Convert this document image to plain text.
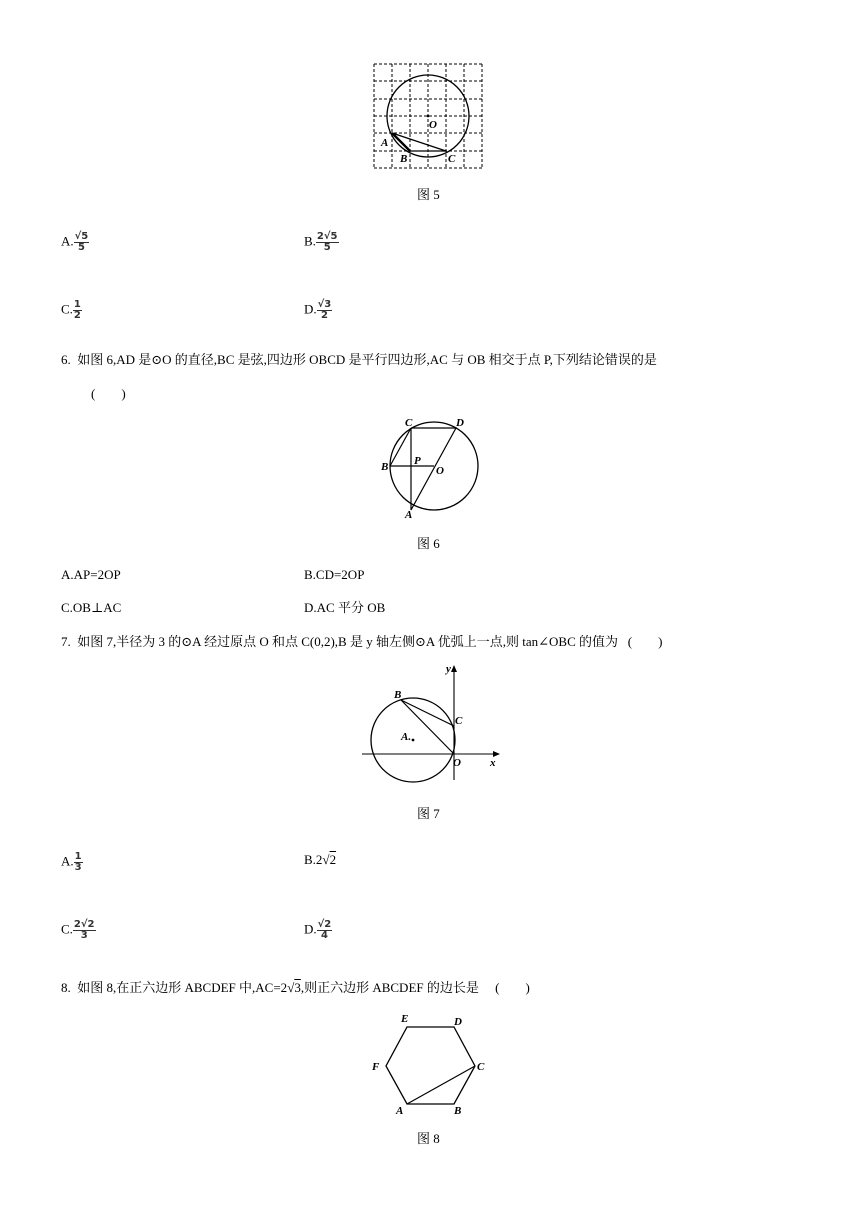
O
A
B	C
图 5
A. $\frac{√5}{5}$	B. $\frac{2√5}{5}$
C. $\frac{1}{2}$	D. $\frac{√3}{2}$
6. 如图 6,AD 是⊙O 的直径,BC 是弦,四边形 OBCD 是平行四边形,AC 与 OB 相交于点 P,下列结论错误的是
(　　)
C	D
B P
O
A
图 6
A.AP=2OP	B.CD=2OP
C.OB⊥AC	D.AC 平分 OB
7. 如图 7,半径为 3 的⊙A 经过原点 O 和点 C(0,2),B 是 y 轴左侧⊙A 优弧上一点,则 tan∠OBC 的值为 (　　)
y
B
C
A.
O	x
图 7
A. $\frac{1}{3}$	B.2√2
C. $\frac{2√2}{3}$	D. $\frac{√2}{4}$
8. 如图 8,在正六边形 ABCDEF 中,AC=2√3,则正六边形 ABCDEF 的边长是 (　　)
E	D
F	C
A	B
图 8
